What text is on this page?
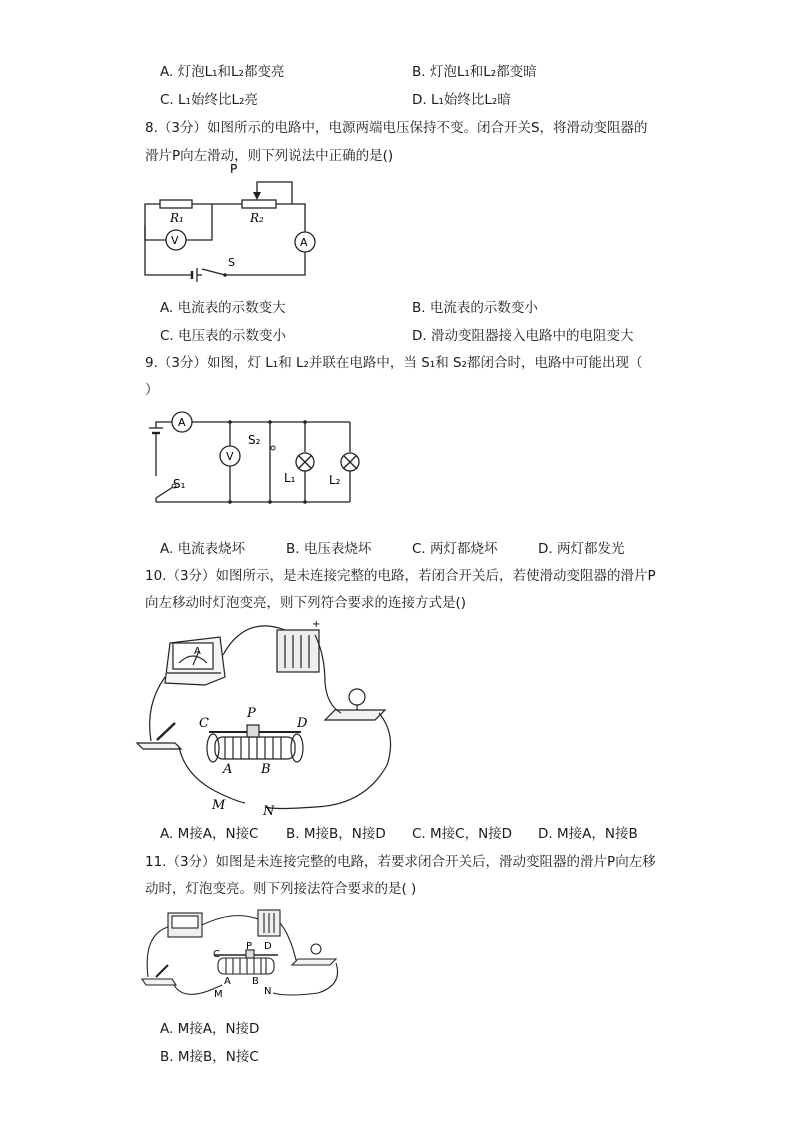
A. 灯泡L₁和L₂都变亮	B. 灯泡L₁和L₂都变暗
C. L₁始终比L₂亮	D. L₁始终比L₂暗
8.（3分）如图所示的电路中，电源两端电压保持不变。闭合开关S，将滑动变阻器的
滑片P向左滑动，则下列说法中正确的是()
P
R₁	R₂
V	A
S
A. 电流表的示数变大	B. 电流表的示数变小
C. 电压表的示数变小	D. 滑动变阻器接入电路中的电阻变大
9.（3分）如图，灯 L₁和 L₂并联在电路中，当 S₁和 S₂都闭合时，电路中可能出现（
）
A
V
S₂
S₁	L₁	L₂
A. 电流表烧坏	B. 电压表烧坏	C. 两灯都烧坏	D. 两灯都发光
10.（3分）如图所示，是未连接完整的电路，若闭合开关后，若使滑动变阻器的滑片P
向左移动时灯泡变亮，则下列符合要求的连接方式是()
A
+
C
P
D
A B
M	N
A. M接A，N接C B. M接B，N接D C. M接C，N接D D. M接A，N接B
11.（3分）如图是未连接完整的电路，若要求闭合开关后，滑动变阻器的滑片P向左移
动时，灯泡变亮。则下列接法符合要求的是( )
C
P D
A B
M	N
A. M接A，N接D
B. M接B，N接C
